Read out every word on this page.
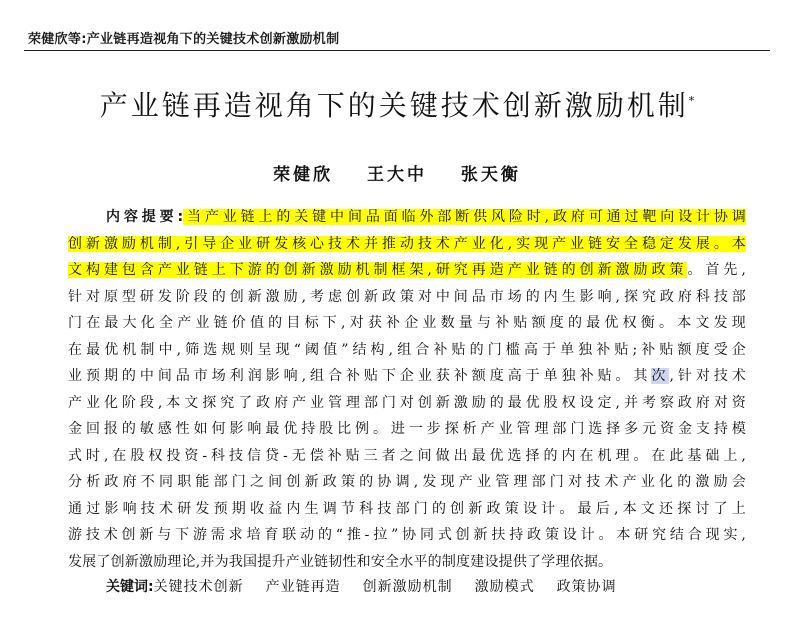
荣健欣等:产业链再造视角下的关键技术创新激励机制
产业链再造视角下的关键技术创新激励机制*
荣健欣 王大中 张天衡
内容提要:当产业链上的关键中间品面临外部断供风险时,政府可通过靶向设计协调
创新激励机制,引导企业研发核心技术并推动技术产业化,实现产业链安全稳定发展。本
文构建包含产业链上下游的创新激励机制框架,研究再造产业链的创新激励政策。首先,
针对原型研发阶段的创新激励,考虑创新政策对中间品市场的内生影响,探究政府科技部
门在最大化全产业链价值的目标下,对获补企业数量与补贴额度的最优权衡。本文发现
在最优机制中,筛选规则呈现“阈值”结构,组合补贴的门槛高于单独补贴;补贴额度受企
业预期的中间品市场利润影响,组合补贴下企业获补额度高于单独补贴。其次,针对技术
产业化阶段,本文探究了政府产业管理部门对创新激励的最优股权设定,并考察政府对资
金回报的敏感性如何影响最优持股比例。进一步探析产业管理部门选择多元资金支持模
式时,在股权投资-科技信贷-无偿补贴三者之间做出最优选择的内在机理。在此基础上,
分析政府不同职能部门之间创新政策的协调,发现产业管理部门对技术产业化的激励会
通过影响技术研发预期收益内生调节科技部门的创新政策设计。最后,本文还探讨了上
游技术创新与下游需求培育联动的“推-拉”协同式创新扶持政策设计。本研究结合现实,
发展了创新激励理论,并为我国提升产业链韧性和安全水平的制度建设提供了学理依据。
关键词:关键技术创新 产业链再造 创新激励机制 激励模式 政策协调
